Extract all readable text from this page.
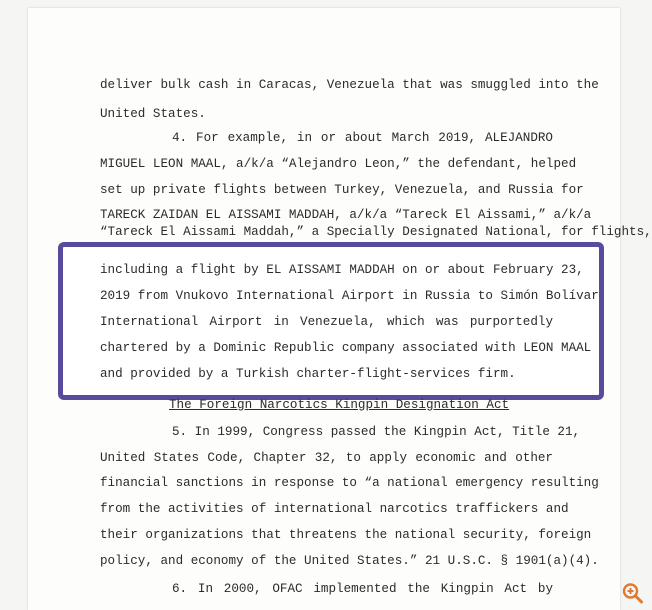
deliver bulk cash in Caracas, Venezuela that was smuggled into the
United States.
4. For example, in or about March 2019, ALEJANDRO
MIGUEL LEON MAAL, a/k/a “Alejandro Leon,” the defendant, helped
set up private flights between Turkey, Venezuela, and Russia for
TARECK ZAIDAN EL AISSAMI MADDAH, a/k/a “Tareck El Aissami,” a/k/a
“Tareck El Aissami Maddah,” a Specially Designated National, for flights,
including a flight by EL AISSAMI MADDAH on or about February 23,
2019 from Vnukovo International Airport in Russia to Simón Bolívar
International Airport in Venezuela, which was purportedly
chartered by a Dominic Republic company associated with LEON MAAL
and provided by a Turkish charter-flight-services firm.
The Foreign Narcotics Kingpin Designation Act
5. In 1999, Congress passed the Kingpin Act, Title 21,
United States Code, Chapter 32, to apply economic and other
financial sanctions in response to “a national emergency resulting
from the activities of international narcotics traffickers and
their organizations that threatens the national security, foreign
policy, and economy of the United States.” 21 U.S.C. § 1901(a)(4).
6. In 2000, OFAC implemented the Kingpin Act by
